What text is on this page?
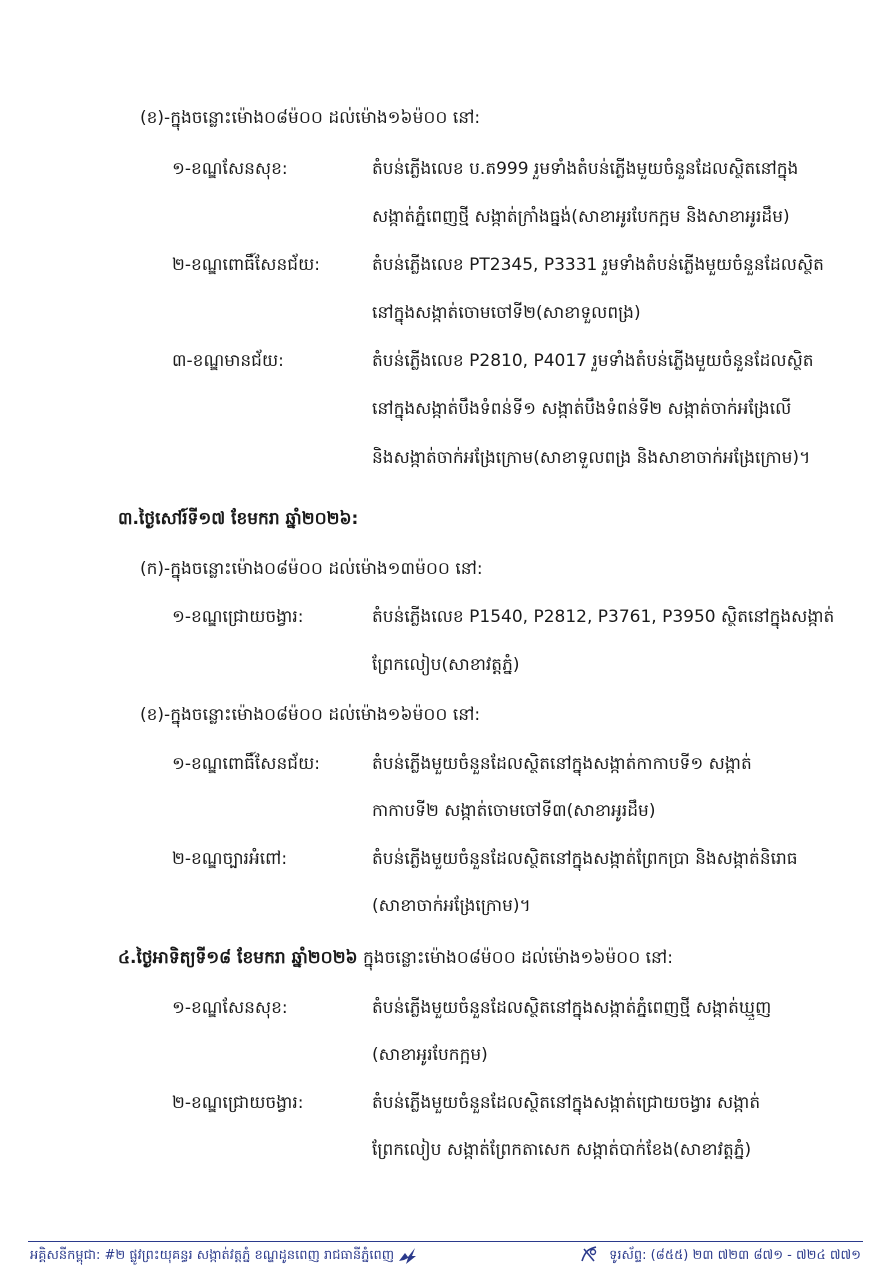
(ខ)-ក្នុងចន្លោះម៉ោង០៨ម៉០០ ដល់ម៉ោង១៦ម៉០០ នៅ:
១-ខណ្ឌសែនសុខ:	តំបន់ភ្លើងលេខ ប.ត999 រួមទាំងតំបន់ភ្លើងមួយចំនួនដែលស្ថិតនៅក្នុង
សង្កាត់ភ្នំពេញថ្មី សង្កាត់ក្រាំងធ្នង់(សាខាអូរបែកក្អម និងសាខាអូរដឹម)
២-ខណ្ឌពោធិ៍សែនជ័យ:	តំបន់ភ្លើងលេខ PT2345, P3331 រួមទាំងតំបន់ភ្លើងមួយចំនួនដែលស្ថិត
នៅក្នុងសង្កាត់ចោមចៅទី២(សាខាទួលពង្រ)
៣-ខណ្ឌមានជ័យ:	តំបន់ភ្លើងលេខ P2810, P4017 រួមទាំងតំបន់ភ្លើងមួយចំនួនដែលស្ថិត
នៅក្នុងសង្កាត់បឹងទំពន់ទី១ សង្កាត់បឹងទំពន់ទី២ សង្កាត់ចាក់អង្រែលើ
និងសង្កាត់ចាក់អង្រែក្រោម(សាខាទួលពង្រ និងសាខាចាក់អង្រែក្រោម)។
៣.ថ្ងៃសៅរ៍ទី១៧ ខែមករា ឆ្នាំ២០២៦:
(ក)-ក្នុងចន្លោះម៉ោង០៨ម៉០០ ដល់ម៉ោង១៣ម៉០០ នៅ:
១-ខណ្ឌជ្រោយចង្វារ:	តំបន់ភ្លើងលេខ P1540, P2812, P3761, P3950 ស្ថិតនៅក្នុងសង្កាត់
ព្រែកលៀប(សាខាវត្តភ្នំ)
(ខ)-ក្នុងចន្លោះម៉ោង០៨ម៉០០ ដល់ម៉ោង១៦ម៉០០ នៅ:
១-ខណ្ឌពោធិ៍សែនជ័យ:	តំបន់ភ្លើងមួយចំនួនដែលស្ថិតនៅក្នុងសង្កាត់កាកាបទី១ សង្កាត់
កាកាបទី២ សង្កាត់ចោមចៅទី៣(សាខាអូរដឹម)
២-ខណ្ឌច្បារអំពៅ:	តំបន់ភ្លើងមួយចំនួនដែលស្ថិតនៅក្នុងសង្កាត់ព្រែកប្រា និងសង្កាត់និរោធ
(សាខាចាក់អង្រែក្រោម)។
៤.ថ្ងៃអាទិត្យទី១៨ ខែមករា ឆ្នាំ២០២៦ ក្នុងចន្លោះម៉ោង០៨ម៉០០ ដល់ម៉ោង១៦ម៉០០ នៅ:
១-ខណ្ឌសែនសុខ:	តំបន់ភ្លើងមួយចំនួនដែលស្ថិតនៅក្នុងសង្កាត់ភ្នំពេញថ្មី សង្កាត់ឃ្មួញ
(សាខាអូរបែកក្អម)
២-ខណ្ឌជ្រោយចង្វារ:	តំបន់ភ្លើងមួយចំនួនដែលស្ថិតនៅក្នុងសង្កាត់ជ្រោយចង្វារ សង្កាត់
ព្រែកលៀប សង្កាត់ព្រែកតាសេក សង្កាត់បាក់ខែង(សាខាវត្តភ្នំ)
អគ្គិសនីកម្ពុជា: #២ ផ្លូវព្រះយុគន្ធរ សង្កាត់វត្តភ្នំ ខណ្ឌដូនពេញ រាជធានីភ្នំពេញ	ទូរស័ព្ទ: (៨៥៥) ២៣ ៧២៣ ៨៧១ - ៧២៤ ៧៧១
